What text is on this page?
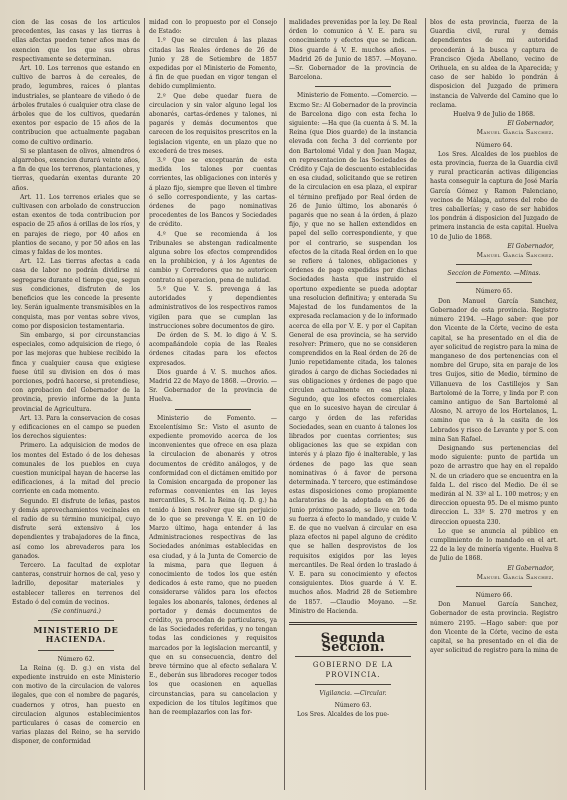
cion de las cosas de los articulos precedentes, las casas y las tierras à ellas afectas pueden tener años mas de exencion que los que sus obras respectivamente se determinan.

Art. 10. Los terrenos que estando en cultivo de barros à de cereales, de prado, legumbres, raices ó plantas industriales, se planteare de viñedo ó de árboles frutales ó cualquier otra clase de árboles que de los cultivos, quedarán exentos por espacio de 15 años de la contribucion que actualmente pagaban como de cultivo ordinario.

Si se plantasen de olivos, almendros ó algarrobos, exencion durará veinte años, a fin de que los terrenos, plantaciones, y tierras, quedarán exentas durante 20 años.

Art. 11. Los terrenos eriales que se cultivasen con arbolado de construccion estan exentos de toda contribucion por espacio de 25 años á orillas de los ríos, y en parajes de riego, por 40 años en plantios de secano, y por 50 años en las cimas y faldas de los montes.

Art. 12. Las tierras afectas a cada casa de labor no podrán dividirse ni segregarse durante el tiempo que, segun sus condiciones, disfruten de los beneficios que les concede la presente ley. Serán igualmente transmisibles en la conquista, mas por ventas sobre vivos, como por disposicion testamentaria.

Sin embargo, si por circunstancias especiales, como adquisicion de riego, ó por las mejoras que hubiese recibido la finca y cualquier causa que exigiese fuese útil su division en dos ó mas porciones, podrá hacerse, si pretendiese, con aprobacion del Gobernador de la provincia, previo informe de la Junta provincial de Agricultura.

Art. 13. Para la conservacion de cosas y edificaciones en el campo se pueden los derechos siguientes:

Primero. La adquisicion de modos de los montes del Estado ó de los dehesas comunales de los pueblos en cuya cuestion municipal hayan de hacerse las edificaciones, á la mitad del precio corriente en cada momento.

Segundo. El disfrute de leñas, pastos y demás aprovechamientos vecinales en el radio de su término municipal, cuyo disfrute será extensivo á los dependientes y trabajadores de la finca, así como los abrevaderos para los ganados.

Tercero. La facultad de explotar canteras, construir hornos de cal, yeso y ladrillo, depositar materiales y establecer talleres en terrenos del Estado ó del común de vecinos.

(Se continuará.)

MINISTERIO DE HACIENDA.

Número 62.

La Reina (q. D. g.) en vista del expediente instruido en este Ministerio con motivo de la circulacion de valores ilegales, que con el nombre de pagarés, cuadernos y otros, han puesto en circulacion algunos establecimientos particulares ó casas de comercio en varias plazas del Reino, se ha servido disponer, de conformidad

midad con lo propuesto por el Consejo de Estado:

1.º Que se circulen á las plazas citadas las Reales órdenes de 26 de Junio y 28 de Setiembre de 1857 expedidas por el Ministerio de Fomento, á fin de que puedan en vigor tengan el debido cumplimiento.

2.º Que debe quedar fuera de circulacion y sin valor alguno legal los abonarés, cartas-órdenes y talones, ni pagarés y demás documentos que carecen de los requisitos prescritos en la legislacion vigente, en un plazo que no excederá de tres meses.

3.º Que se exceptuarán de esta medida los talones por cuentas corrientes, las obligaciones con interés y á plazo fijo, siempre que lleven el timbre ó sello correspondiente, y las cartas-órdenes de pago nominativas procedentes de los Bancos y Sociedades de crédito.

4.º Que se recomienda á los Tribunales se abstengan radicalmente alguna sobre los efectos comprendidos en la prohibicion, y á los Agentes de cambio y Corredores que no autoricen contrato ni operacion, pena de nulidad.

5.º Que V. S. prevenga á las autoridades y dependientes administrativos de los respectivos ramos vigilen para que se cumplan las instrucciones sobre documentos de giro.

De órden de S. M. lo digo á V. S. acompañándole copia de las Reales órdenes citadas para los efectos expresados.

Dios guarde á V. S. muchos años. Madrid 22 de Mayo de 1868. —Orovio. —Sr. Gobernador de la provincia de Huelva.

Ministerio de Fomento. —Excelentísimo Sr.: Visto el asunto de expediente promovido acerca de los inconvenientes que ofrece en esa plaza la circulacion de abonarés y otros documentos de crédito análogos, y de conformidad con el dictámen emitido por la Comision encargada de proponer las reformas convenientes en las leyes mercantiles, S. M. la Reina (q. D. g.) ha tenido á bien resolver que sin perjuicio de lo que se prevenga V. E. en 10 de Marzo último, haga entender á las Administraciones respectivas de las Sociedades anónimas establecidas en esa ciudad, y á la Junta de Comercio de la misma, para que lleguen á conocimiento de todos los que estén dedicados á este ramo, que no pueden considerarse válidos para los efectos legales los abonarés, talones, órdenes al portador y demás documentos de crédito, ya procedan de particulares, ya de las Sociedades referidas, y no tengan todas las condiciones y requisitos marcados por la legislacion mercantil, y que en su consecuencia, dentro del breve término que al efecto señalara V. E., deberán sus libradores recoger todos los que ocasionen en aquellas circunstancias, para su cancelacion y expedicion de los títulos legítimos que han de reemplazarlos con las for-

malidades prevenidas por la ley. De Real órden lo comunico á V. E. para su conocimiento y efectos que se indican. Dios guarde á V. E. muchos años. —Madrid 26 de Junio de 1857. —Moyano. —Sr. Gobernador de la provincia de Barcelona.

Ministerio de Fomento. —Comercio. —Excmo Sr.: Al Gobernador de la provincia de Barcelona digo con esta fecha lo siguiente: —Ha que (la cuenta á S. M. la Reina (que Dios guarde) de la instancia elevada con fecha 3 del corriente por don Bartolomé Vidal y don Juan Magaz, en representacion de las Sociedades de Crédito y Caja de descuento establecidas en esa ciudad, solicitando que se retiren de la circulacion en esa plaza, el expirar el término prefijado por Real órden de 26 de Junio último, los abonarés ó pagarés que no sean á la órden, á plazo fijo, y que no se hallen extendidos en papel del sello correspondiente, y que por el contrario, se suspendan los efectos de la citada Real órden en lo que se refiere á talones, obligaciones y órdenes de pago expedidas por dichas Sociedades hasta que instruido el oportuno expediente se pueda adoptar una resolucion definitiva; y enterada Su Majestad de los fundamentos de la expresada reclamacion y de lo informado acerca de ella por V. E. y por el Capitan General de esa provincia, se ha servido resolver: Primero, que no se consideren comprendidos en la Real órden de 26 de Junio repetidamente citada, los talones girados á cargo de dichas Sociedades ni sus obligaciones y órdenes de pago que circulen actualmente en esa plaza. Segundo, que los efectos comerciales que en lo sucesivo hayan de circular á cargo y órden de las referidas Sociedades, sean en cuanto á talones los librados por cuentas corrientes; sus obligaciones las que se expidan con interés y á plazo fijo é inalterable, y las órdenes de pago las que sean nominativas ó á favor de persona determinada. Y tercero, que estimándose estas disposiciones como propiamente aclaratorias de la adoptada en 26 de Junio próximo pasado, se lleve en toda su fuerza á efecto lo mandado, y cuide V. E. de que no vuelvan á circular en esa plaza efectos ni papel alguno de crédito que se hallen desprovistos de los requisitos exigidos por las leyes mercantiles. De Real órden lo traslado á V. E. para su conocimiento y efectos consiguientes. Dios guarde á V. E. muchos años. Madrid 28 de Setiembre de 1857. —Claudio Moyano. —Sr. Ministro de Hacienda.

Segunda Seccion.
GOBIERNO DE LA PROVINCIA.

Vigilancia. —Circular.

Número 63.

Los Sres. Alcaldes de los pue-

blos de esta provincia, fuerza de la Guardia civil, rural y demás dependientes de mi autoridad procederán á la busca y captura de Francisco Ojeda Abellano, vecino de Orihuela, en su aldea de la Aparecida; y caso de ser habido lo pondrán á disposicion del Juzgado de primera instancia de Valverde del Camino que lo reclama.

Huelva 9 de Julio de 1868.

El Gobernador,

Manuel García Sanchez.

Número 64.

Los Sres. Alcaldes de los pueblos de esta provincia, fuerza de la Guardia civil y rural practicarán activas diligencias hasta conseguir la captura de José María García Gómez y Ramon Palenciano, vecinos de Málaga, autores del robo de tres caballerías; y caso de ser habidos los pondrán á disposicion del Juzgado de primera instancia de esta capital. Huelva 10 de Julio de 1868.

El Gobernador,

Manuel García Sanchez.

Seccion de Fomento. —Minas.

Número 65.

Don Manuel García Sanchez, Gobernador de esta provincia. Registro número 2194. —Hago saber: que por don Vicente de la Córte, vecino de esta capital, se ha presentado en el dia de ayer solicitud de registro para la mina de manganeso de dos pertenencias con el nombre del Grupo, sita en paraje de los tres Guijos, sitio de Medio, término de Villanueva de los Castillejos y San Bartolomé de la Torre, y linda por P. con camino antiguo de San Bartolomé al Alosno, N. arroyo de los Hortelanos, L. camino que va á la casita de los Lebrados y risco de Levante y por S. con mina San Rafael.

Designando sus pertenencias del modo siguiente: punto de partida un pozo de arrastro que hay en el repaldo N. de un criadero que se encuentra en la falda L. del risco del Medio. De él se medirán al N. 33º al L. 100 metros; y en direccion opuesta 95. De el mismo punto direccion L. 33º S. 270 metros y en direccion opuesta 230.

Lo que se anuncia al público en cumplimiento de lo mandado en el art. 22 de la ley de minería vigente. Huelva 8 de Julio de 1868.

El Gobernador,

Manuel García Sanchez.

Número 66.

Don Manuel García Sanchez, Gobernador de esta provincia. Registro número 2195. —Hago saber: que por don Vicente de la Córte, vecino de esta capital, se ha presentado en el dia de ayer solicitud de registro para la mina de
